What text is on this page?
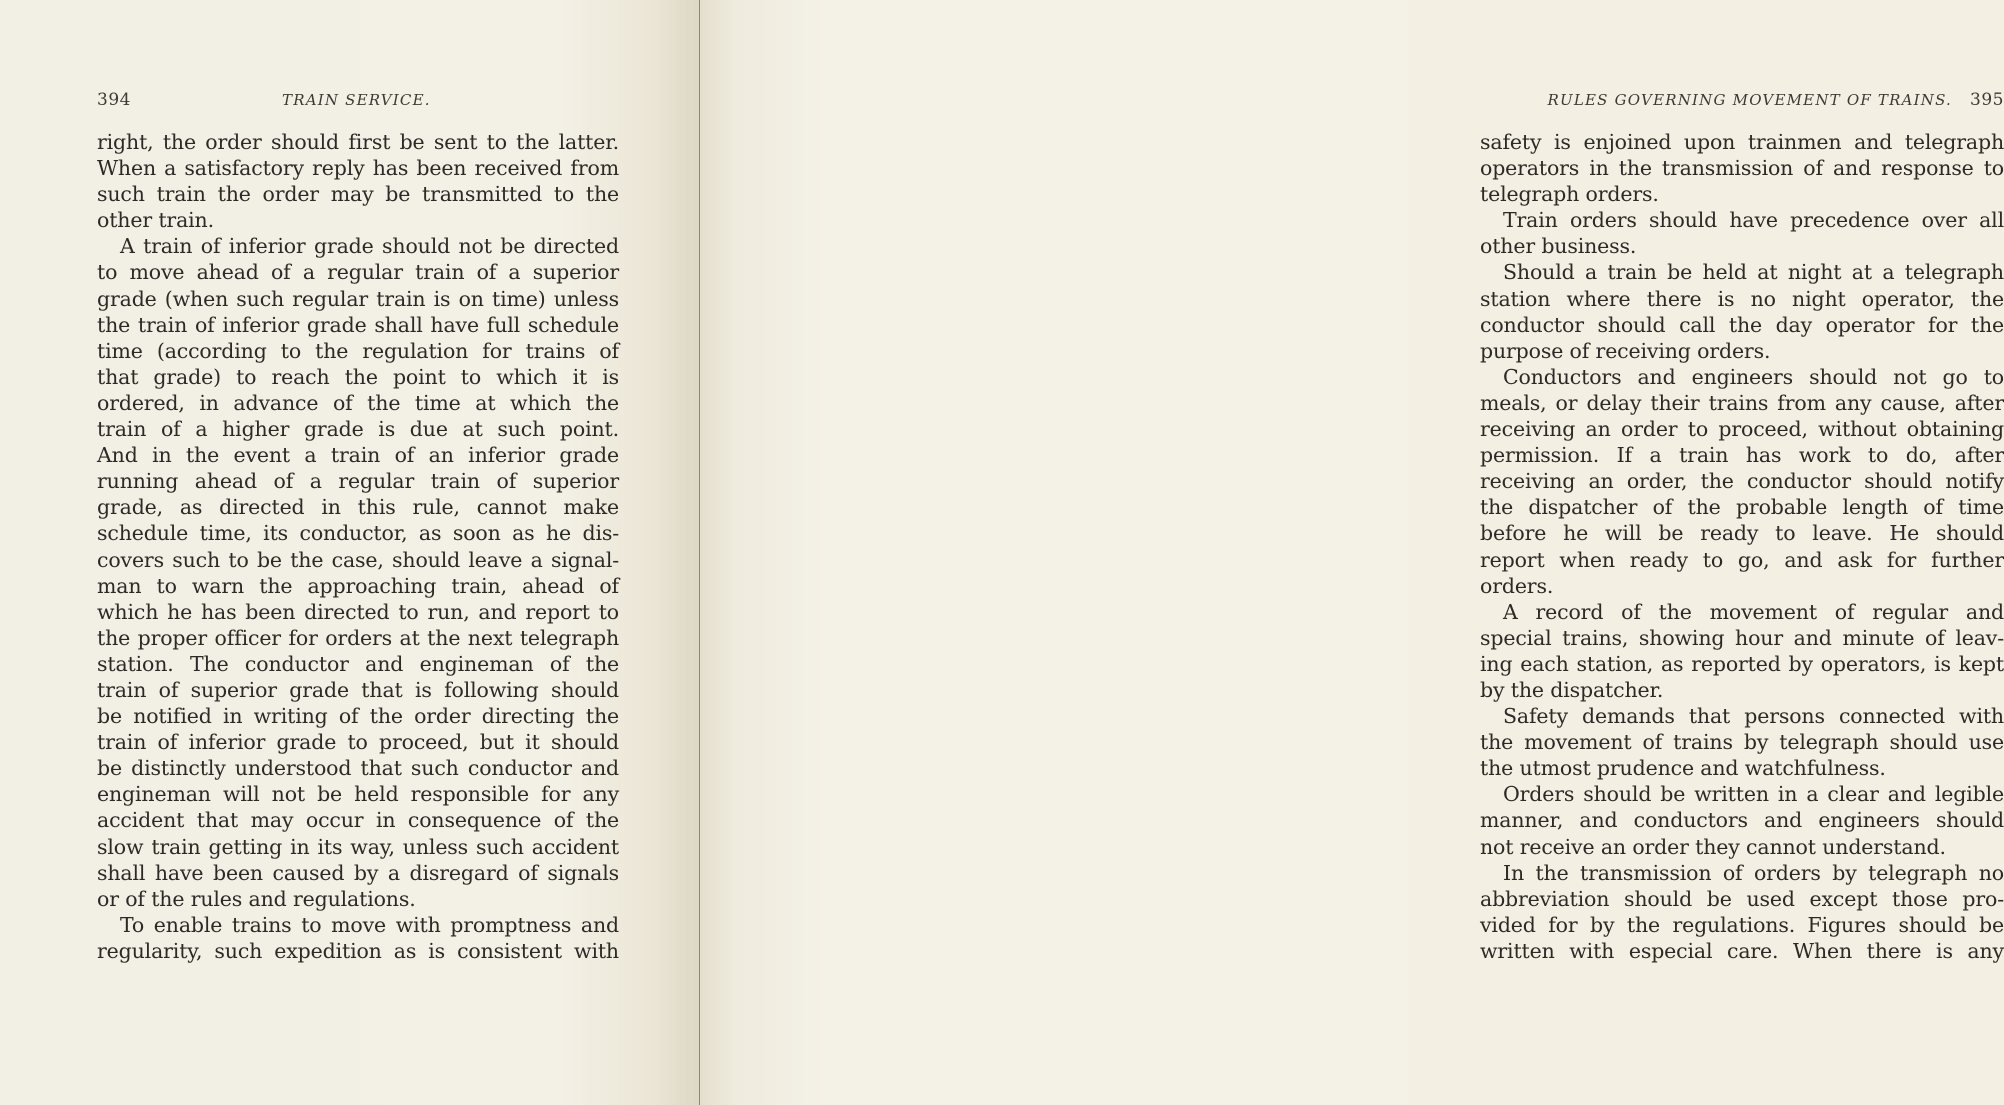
394	TRAIN SERVICE.
right, the order should first be sent to the latter.
When a satisfactory reply has been received from
such train the order may be transmitted to the
other train.
A train of inferior grade should not be directed
to move ahead of a regular train of a superior
grade (when such regular train is on time) unless
the train of inferior grade shall have full schedule
time (according to the regulation for trains of
that grade) to reach the point to which it is
ordered, in advance of the time at which the
train of a higher grade is due at such point.
And in the event a train of an inferior grade
running ahead of a regular train of superior
grade, as directed in this rule, cannot make
schedule time, its conductor, as soon as he dis-
covers such to be the case, should leave a signal-
man to warn the approaching train, ahead of
which he has been directed to run, and report to
the proper officer for orders at the next telegraph
station. The conductor and engineman of the
train of superior grade that is following should
be notified in writing of the order directing the
train of inferior grade to proceed, but it should
be distinctly understood that such conductor and
engineman will not be held responsible for any
accident that may occur in consequence of the
slow train getting in its way, unless such accident
shall have been caused by a disregard of signals
or of the rules and regulations.
To enable trains to move with promptness and
regularity, such expedition as is consistent with
RULES GOVERNING MOVEMENT OF TRAINS. 395
safety is enjoined upon trainmen and telegraph
operators in the transmission of and response to
telegraph orders.
Train orders should have precedence over all
other business.
Should a train be held at night at a telegraph
station where there is no night operator, the
conductor should call the day operator for the
purpose of receiving orders.
Conductors and engineers should not go to
meals, or delay their trains from any cause, after
receiving an order to proceed, without obtaining
permission. If a train has work to do, after
receiving an order, the conductor should notify
the dispatcher of the probable length of time
before he will be ready to leave. He should
report when ready to go, and ask for further
orders.
A record of the movement of regular and
special trains, showing hour and minute of leav-
ing each station, as reported by operators, is kept
by the dispatcher.
Safety demands that persons connected with
the movement of trains by telegraph should use
the utmost prudence and watchfulness.
Orders should be written in a clear and legible
manner, and conductors and engineers should
not receive an order they cannot understand.
In the transmission of orders by telegraph no
abbreviation should be used except those pro-
vided for by the regulations. Figures should be
written with especial care. When there is any
